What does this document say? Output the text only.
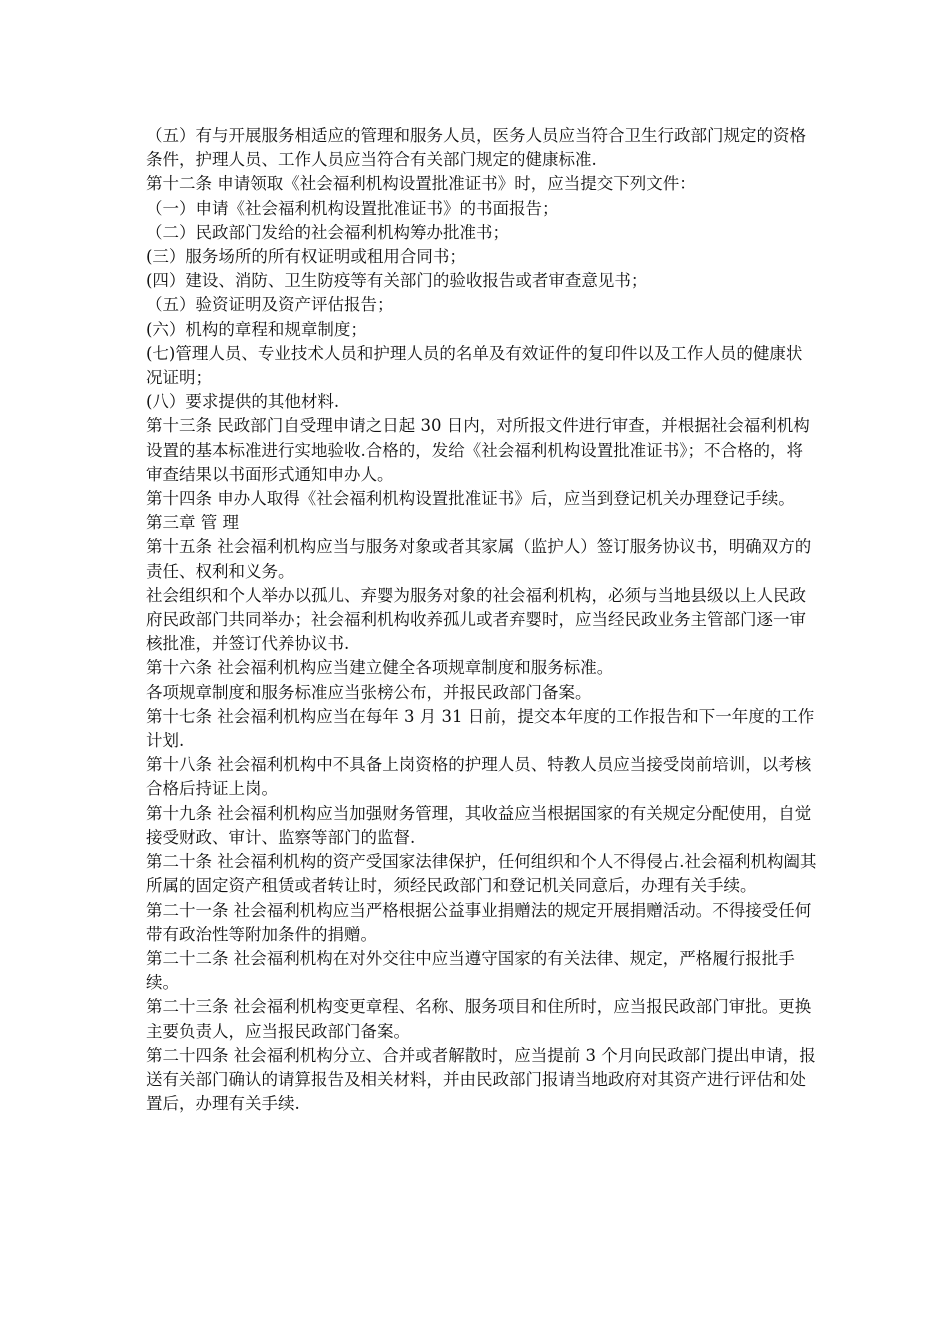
（五）有与开展服务相适应的管理和服务人员，医务人员应当符合卫生行政部门规定的资格条件，护理人员、工作人员应当符合有关部门规定的健康标准.

第十二条 申请领取《社会福利机构设置批准证书》时，应当提交下列文件：

（一）申请《社会福利机构设置批准证书》的书面报告；

（二）民政部门发给的社会福利机构筹办批准书；

(三）服务场所的所有权证明或租用合同书；

(四）建设、消防、卫生防疫等有关部门的验收报告或者审查意见书；

（五）验资证明及资产评估报告；

(六）机构的章程和规章制度；

(七)管理人员、专业技术人员和护理人员的名单及有效证件的复印件以及工作人员的健康状况证明；

(八）要求提供的其他材料.

第十三条 民政部门自受理申请之日起 30 日内，对所报文件进行审查，并根据社会福利机构设置的基本标准进行实地验收.合格的，发给《社会福利机构设置批准证书》；不合格的，将审查结果以书面形式通知申办人。

第十四条 申办人取得《社会福利机构设置批准证书》后，应当到登记机关办理登记手续。

第三章 管 理

第十五条 社会福利机构应当与服务对象或者其家属（监护人）签订服务协议书，明确双方的责任、权利和义务。

社会组织和个人举办以孤儿、弃婴为服务对象的社会福利机构，必须与当地县级以上人民政府民政部门共同举办；社会福利机构收养孤儿或者弃婴时，应当经民政业务主管部门逐一审核批准，并签订代养协议书.

第十六条 社会福利机构应当建立健全各项规章制度和服务标准。

各项规章制度和服务标准应当张榜公布，并报民政部门备案。

第十七条 社会福利机构应当在每年 3 月 31 日前，提交本年度的工作报告和下一年度的工作计划.

第十八条 社会福利机构中不具备上岗资格的护理人员、特教人员应当接受岗前培训，以考核合格后持证上岗。

第十九条 社会福利机构应当加强财务管理，其收益应当根据国家的有关规定分配使用，自觉接受财政、审计、监察等部门的监督.

第二十条 社会福利机构的资产受国家法律保护，任何组织和个人不得侵占.社会福利机构阖其所属的固定资产租赁或者转让时，须经民政部门和登记机关同意后，办理有关手续。

第二十一条 社会福利机构应当严格根据公益事业捐赠法的规定开展捐赠活动。不得接受任何带有政治性等附加条件的捐赠。

第二十二条 社会福利机构在对外交往中应当遵守国家的有关法律、规定，严格履行报批手续。

第二十三条 社会福利机构变更章程、名称、服务项目和住所时，应当报民政部门审批。更换主要负责人，应当报民政部门备案。

第二十四条 社会福利机构分立、合并或者解散时，应当提前 3 个月向民政部门提出申请，报送有关部门确认的请算报告及相关材料，并由民政部门报请当地政府对其资产进行评估和处置后，办理有关手续.
